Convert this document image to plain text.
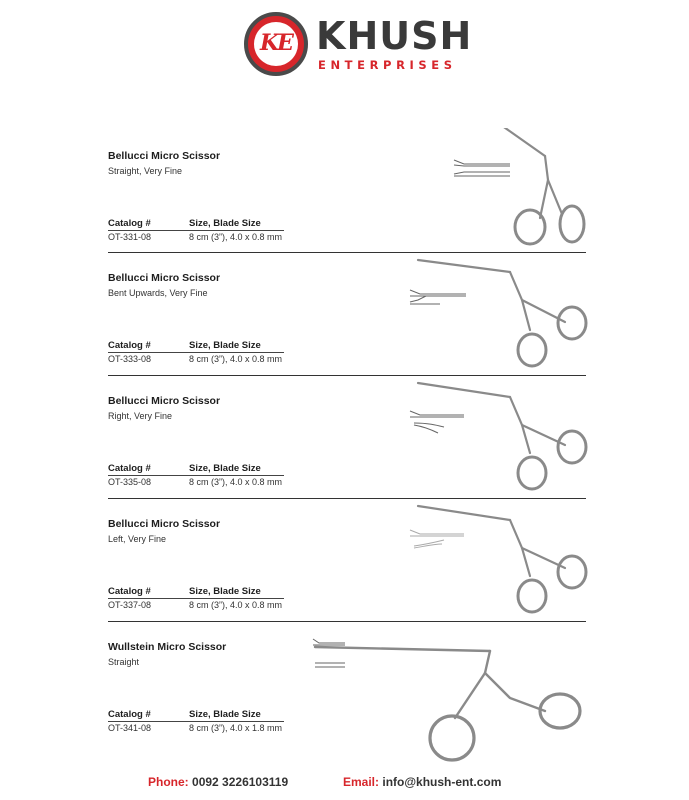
KE KHUSH
ENTERPRISES
Bellucci Micro Scissor
Straight, Very Fine
Catalog #	Size, Blade Size
OT-331-08	8 cm (3”), 4.0 x 0.8 mm
Bellucci Micro Scissor
Bent Upwards, Very Fine
Catalog #	Size, Blade Size
OT-333-08	8 cm (3”), 4.0 x 0.8 mm
Bellucci Micro Scissor
Right, Very Fine
Catalog #	Size, Blade Size
OT-335-08	8 cm (3”), 4.0 x 0.8 mm
Bellucci Micro Scissor
Left, Very Fine
Catalog #	Size, Blade Size
OT-337-08	8 cm (3”), 4.0 x 0.8 mm
Wullstein Micro Scissor
Straight
Catalog #	Size, Blade Size
OT-341-08	8 cm (3”), 4.0 x 1.8 mm
Phone: 0092 3226103119	Email: info@khush-ent.com
